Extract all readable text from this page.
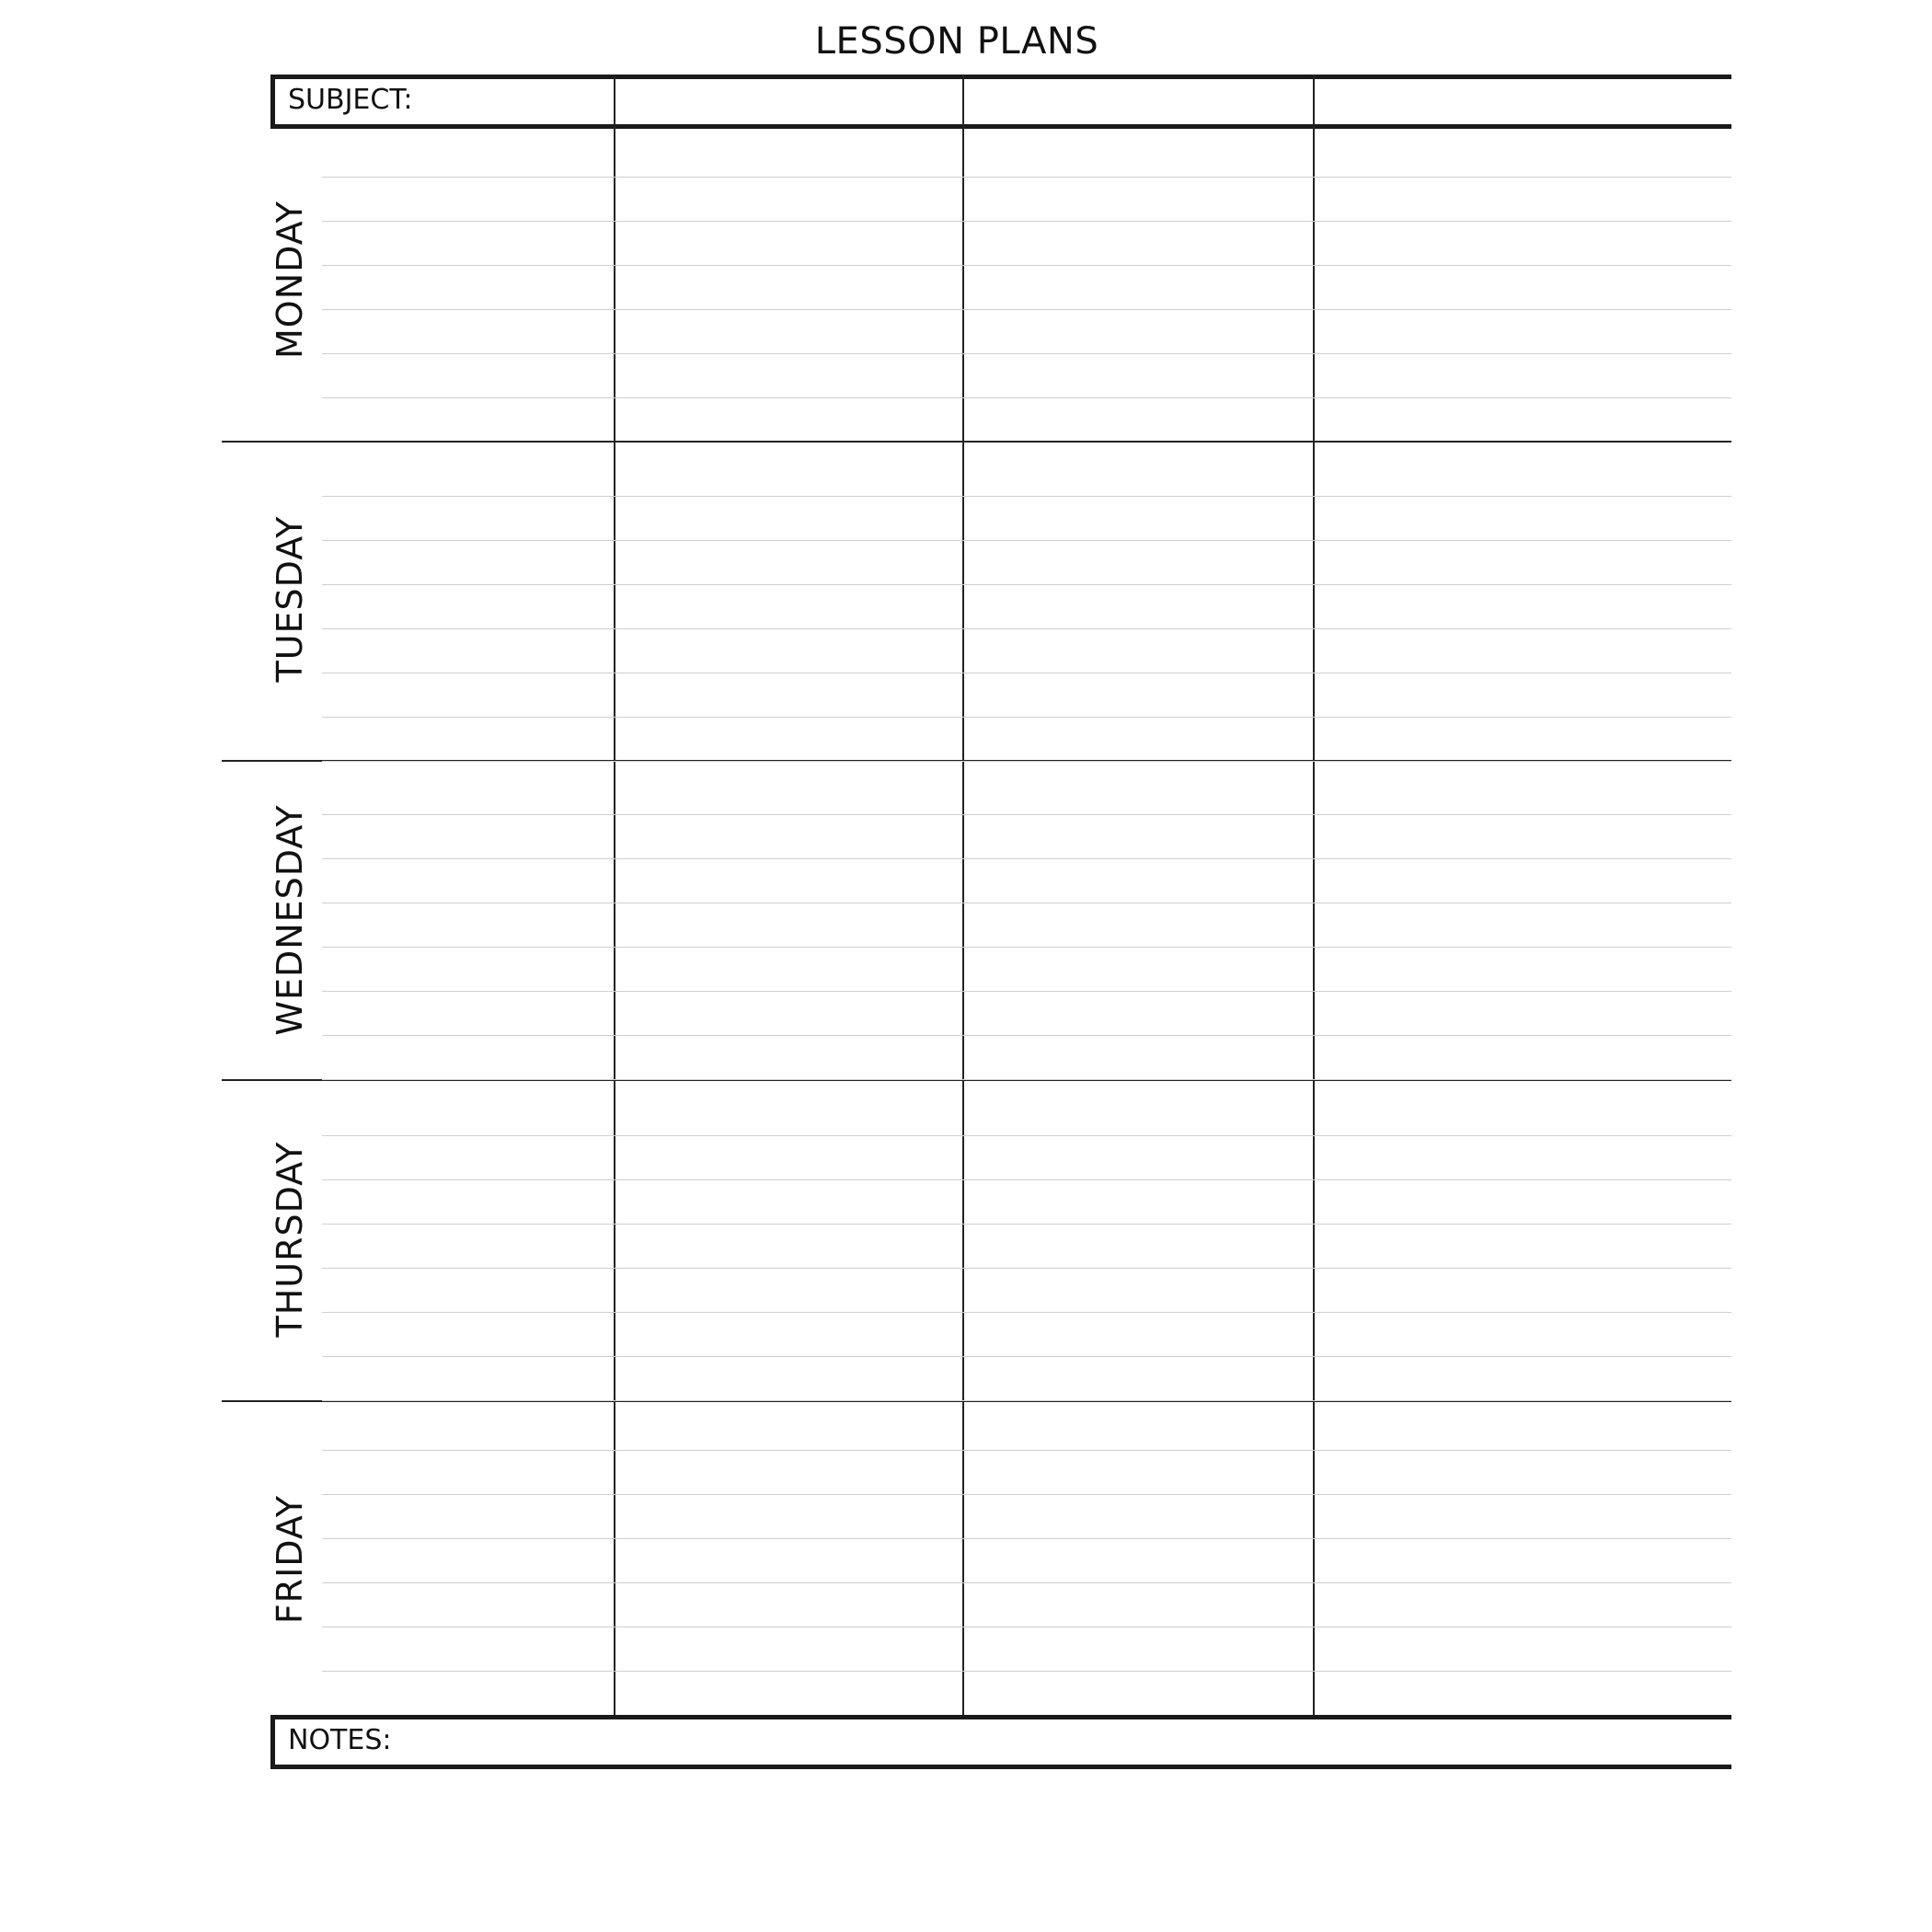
LESSON PLANS
SUBJECT:
MONDAY
TUESDAY
WEDNESDAY
THURSDAY
FRIDAY
NOTES:
